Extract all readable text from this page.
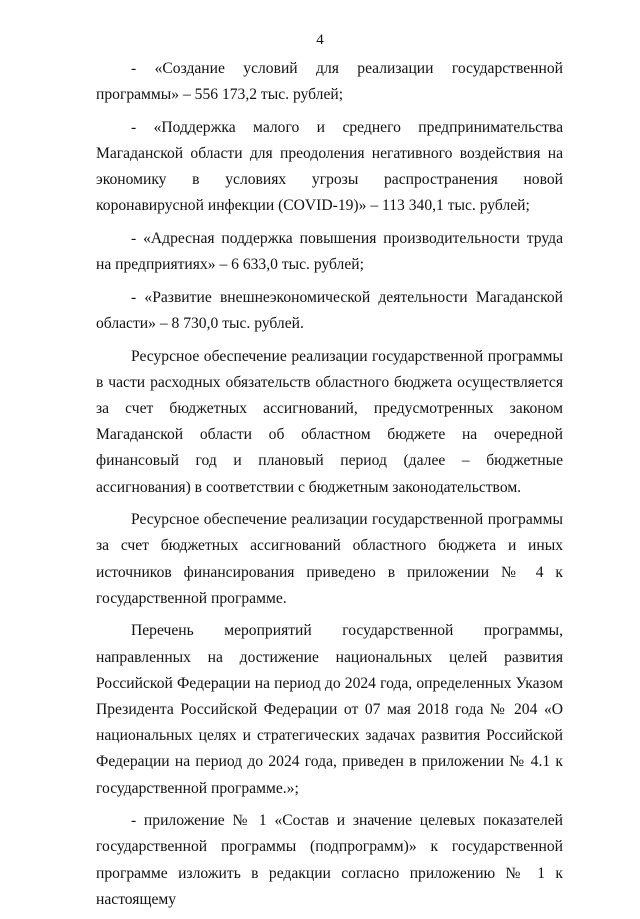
4

- «Создание условий для реализации государственной программы» – 556 173,2 тыс. рублей;

- «Поддержка малого и среднего предпринимательства Магаданской области для преодоления негативного воздействия на экономику в условиях угрозы распространения новой коронавирусной инфекции (COVID-19)» – 113 340,1 тыс. рублей;

- «Адресная поддержка повышения производительности труда на предприятиях» – 6 633,0 тыс. рублей;

- «Развитие внешнеэкономической деятельности Магаданской области» – 8 730,0 тыс. рублей.

Ресурсное обеспечение реализации государственной программы в части расходных обязательств областного бюджета осуществляется за счет бюджетных ассигнований, предусмотренных законом Магаданской области об областном бюджете на очередной финансовый год и плановый период (далее – бюджетные ассигнования) в соответствии с бюджетным законодательством.

Ресурсное обеспечение реализации государственной программы за счет бюджетных ассигнований областного бюджета и иных источников финансирования приведено в приложении № 4 к государственной программе.

Перечень мероприятий государственной программы, направленных на достижение национальных целей развития Российской Федерации на период до 2024 года, определенных Указом Президента Российской Федерации от 07 мая 2018 года № 204 «О национальных целях и стратегических задачах развития Российской Федерации на период до 2024 года, приведен в приложении № 4.1 к государственной программе.»;

- приложение № 1 «Состав и значение целевых показателей государственной программы (подпрограмм)» к государственной программе изложить в редакции согласно приложению № 1 к настоящему
